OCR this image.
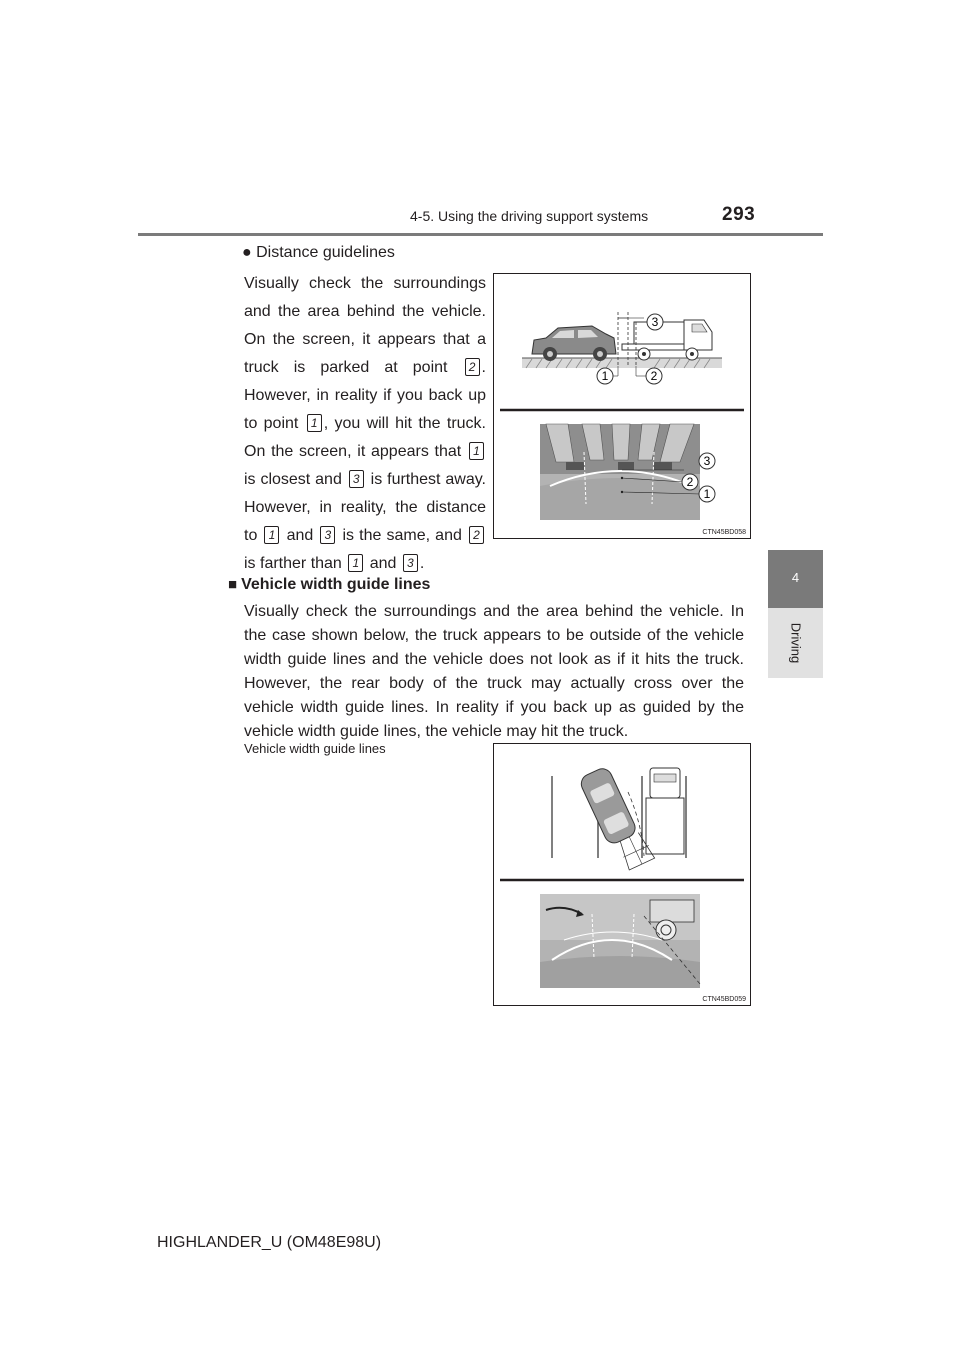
4-5. Using the driving support systems	293
4
Driving
● Distance guidelines

Visually check the surroundings and the area behind the vehicle. On the screen, it appears that a truck is parked at point 2 . However, in reality if you back up to point 1 , you will hit the truck. On the screen, it appears that 1 is closest and 3 is furthest away. However, in reality, the distance to 1 and 3 is the same, and 2 is farther than 1 and 3 .

3
1	2
3
2
1
CTN45BD058
■ Vehicle width guide lines
Visually check the surroundings and the area behind the vehicle. In the case shown below, the truck appears to be outside of the vehicle width guide lines and the vehicle does not look as if it hits the truck. However, the rear body of the truck may actually cross over the vehicle width guide lines. In reality if you back up as guided by the vehicle width guide lines, the vehicle may hit the truck.
Vehicle width guide lines
CTN45BD059
HIGHLANDER_U (OM48E98U)
